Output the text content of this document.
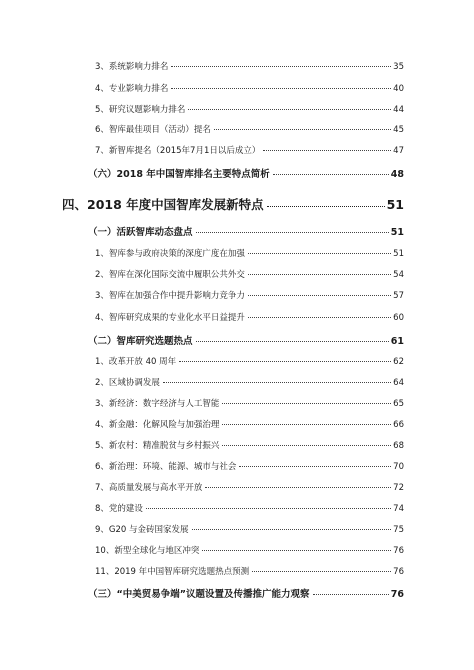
3、系统影响力排名	35
4、专业影响力排名	40
5、研究议题影响力排名	44
6、智库最佳项目（活动）提名	45
7、新智库提名（2015年7月1日以后成立）	47
（六）2018 年中国智库排名主要特点简析	48
四、2018 年度中国智库发展新特点	51
（一）活跃智库动态盘点	51
1、智库参与政府决策的深度广度在加强	51
2、智库在深化国际交流中履职公共外交	54
3、智库在加强合作中提升影响力竞争力	57
4、智库研究成果的专业化水平日益提升	60
（二）智库研究选题热点	61
1、改革开放 40 周年	62
2、区域协调发展	64
3、新经济：数字经济与人工智能	65
4、新金融：化解风险与加强治理	66
5、新农村：精准脱贫与乡村振兴	68
6、新治理：环境、能源、城市与社会	70
7、高质量发展与高水平开放	72
8、党的建设	74
9、G20 与金砖国家发展	75
10、新型全球化与地区冲突	76
11、2019 年中国智库研究选题热点预测	76
（三）“中美贸易争端”议题设置及传播推广能力观察	76
